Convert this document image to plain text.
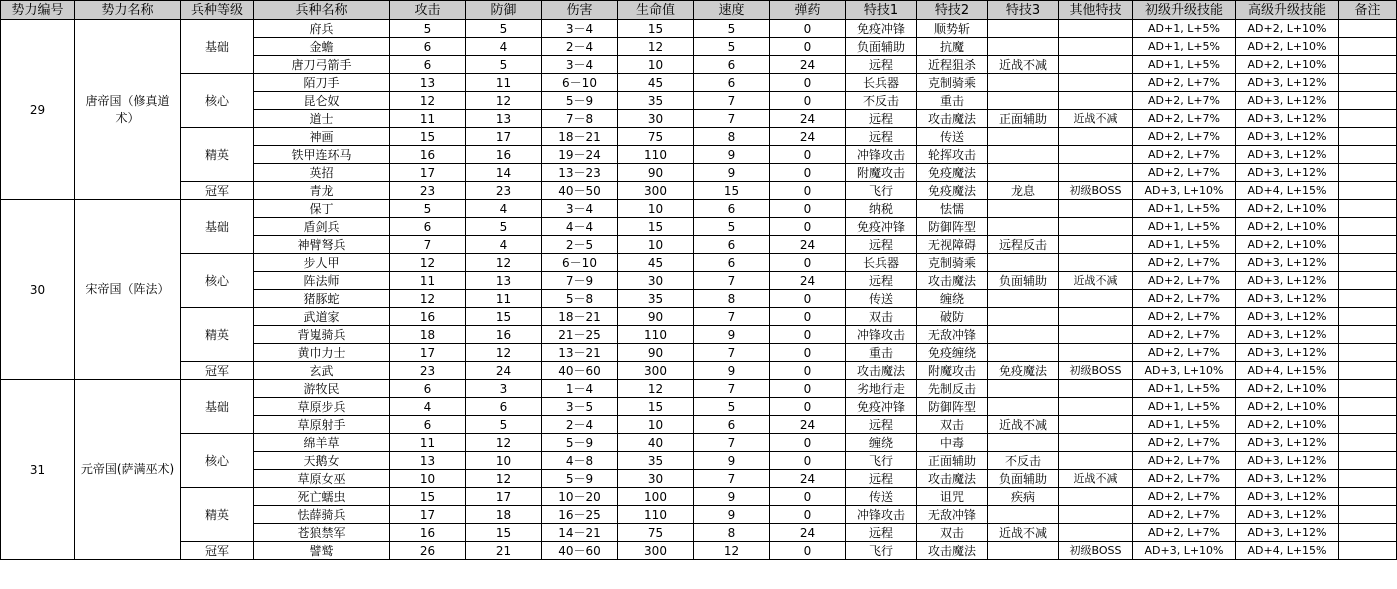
势力编号	势力名称	兵种等级	兵种名称	攻击	防御	伤害	生命值	速度	弹药	特技1	特技2	特技3	其他特技	初级升级技能	高级升级技能	备注
29	唐帝国（修真道术）	基础	府兵	5	5	3－4	15	5	0	免疫冲锋	顺势斩			AD+1, L+5%	AD+2, L+10%	
			金蟾	6	4	2－4	12	5	0	负面辅助	抗魔			AD+1, L+5%	AD+2, L+10%	
			唐刀弓箭手	6	5	3－4	10	6	24	远程	近程狙杀	近战不减		AD+1, L+5%	AD+2, L+10%	
		核心	陌刀手	13	11	6－10	45	6	0	长兵器	克制骑乘			AD+2, L+7%	AD+3, L+12%	
			昆仑奴	12	12	5－9	35	7	0	不反击	重击			AD+2, L+7%	AD+3, L+12%	
			道士	11	13	7－8	30	7	24	远程	攻击魔法	正面辅助	近战不减	AD+2, L+7%	AD+3, L+12%	
		精英	神画	15	17	18－21	75	8	24	远程	传送			AD+2, L+7%	AD+3, L+12%	
			铁甲连环马	16	16	19－24	110	9	0	冲锋攻击	轮挥攻击			AD+2, L+7%	AD+3, L+12%	
			英招	17	14	13－23	90	9	0	附魔攻击	免疫魔法			AD+2, L+7%	AD+3, L+12%	
		冠军	青龙	23	23	40－50	300	15	0	飞行	免疫魔法	龙息	初级BOSS	AD+3, L+10%	AD+4, L+15%	
30	宋帝国（阵法）	基础	保丁	5	4	3－4	10	6	0	纳税	怯懦			AD+1, L+5%	AD+2, L+10%	
			盾剑兵	6	5	4－4	15	5	0	免疫冲锋	防御阵型			AD+1, L+5%	AD+2, L+10%	
			神臂弩兵	7	4	2－5	10	6	24	远程	无视障碍	远程反击		AD+1, L+5%	AD+2, L+10%	
		核心	步人甲	12	12	6－10	45	6	0	长兵器	克制骑乘			AD+2, L+7%	AD+3, L+12%	
			阵法师	11	13	7－9	30	7	24	远程	攻击魔法	负面辅助	近战不减	AD+2, L+7%	AD+3, L+12%	
			猪豚蛇	12	11	5－8	35	8	0	传送	缠绕			AD+2, L+7%	AD+3, L+12%	
		精英	武道家	16	15	18－21	90	7	0	双击	破防			AD+2, L+7%	AD+3, L+12%	
			背嵬骑兵	18	16	21－25	110	9	0	冲锋攻击	无敌冲锋			AD+2, L+7%	AD+3, L+12%	
			黄巾力士	17	12	13－21	90	7	0	重击	免疫缠绕			AD+2, L+7%	AD+3, L+12%	
		冠军	玄武	23	24	40－60	300	9	0	攻击魔法	附魔攻击	免疫魔法	初级BOSS	AD+3, L+10%	AD+4, L+15%	
31	元帝国(萨满巫术)	基础	游牧民	6	3	1－4	12	7	0	劣地行走	先制反击			AD+1, L+5%	AD+2, L+10%	
			草原步兵	4	6	3－5	15	5	0	免疫冲锋	防御阵型			AD+1, L+5%	AD+2, L+10%	
			草原射手	6	5	2－4	10	6	24	远程	双击	近战不减		AD+1, L+5%	AD+2, L+10%	
		核心	绵羊草	11	12	5－9	40	7	0	缠绕	中毒			AD+2, L+7%	AD+3, L+12%	
			天鹅女	13	10	4－8	35	9	0	飞行	正面辅助	不反击		AD+2, L+7%	AD+3, L+12%	
			草原女巫	10	12	5－9	30	7	24	远程	攻击魔法	负面辅助	近战不减	AD+2, L+7%	AD+3, L+12%	
		精英	死亡蠕虫	15	17	10－20	100	9	0	传送	诅咒	疾病		AD+2, L+7%	AD+3, L+12%	
			怯薛骑兵	17	18	16－25	110	9	0	冲锋攻击	无敌冲锋			AD+2, L+7%	AD+3, L+12%	
			苍狼禁军	16	15	14－21	75	8	24	远程	双击	近战不减		AD+2, L+7%	AD+3, L+12%	
		冠军	譬鹫	26	21	40－60	300	12	0	飞行	攻击魔法		初级BOSS	AD+3, L+10%	AD+4, L+15%	
